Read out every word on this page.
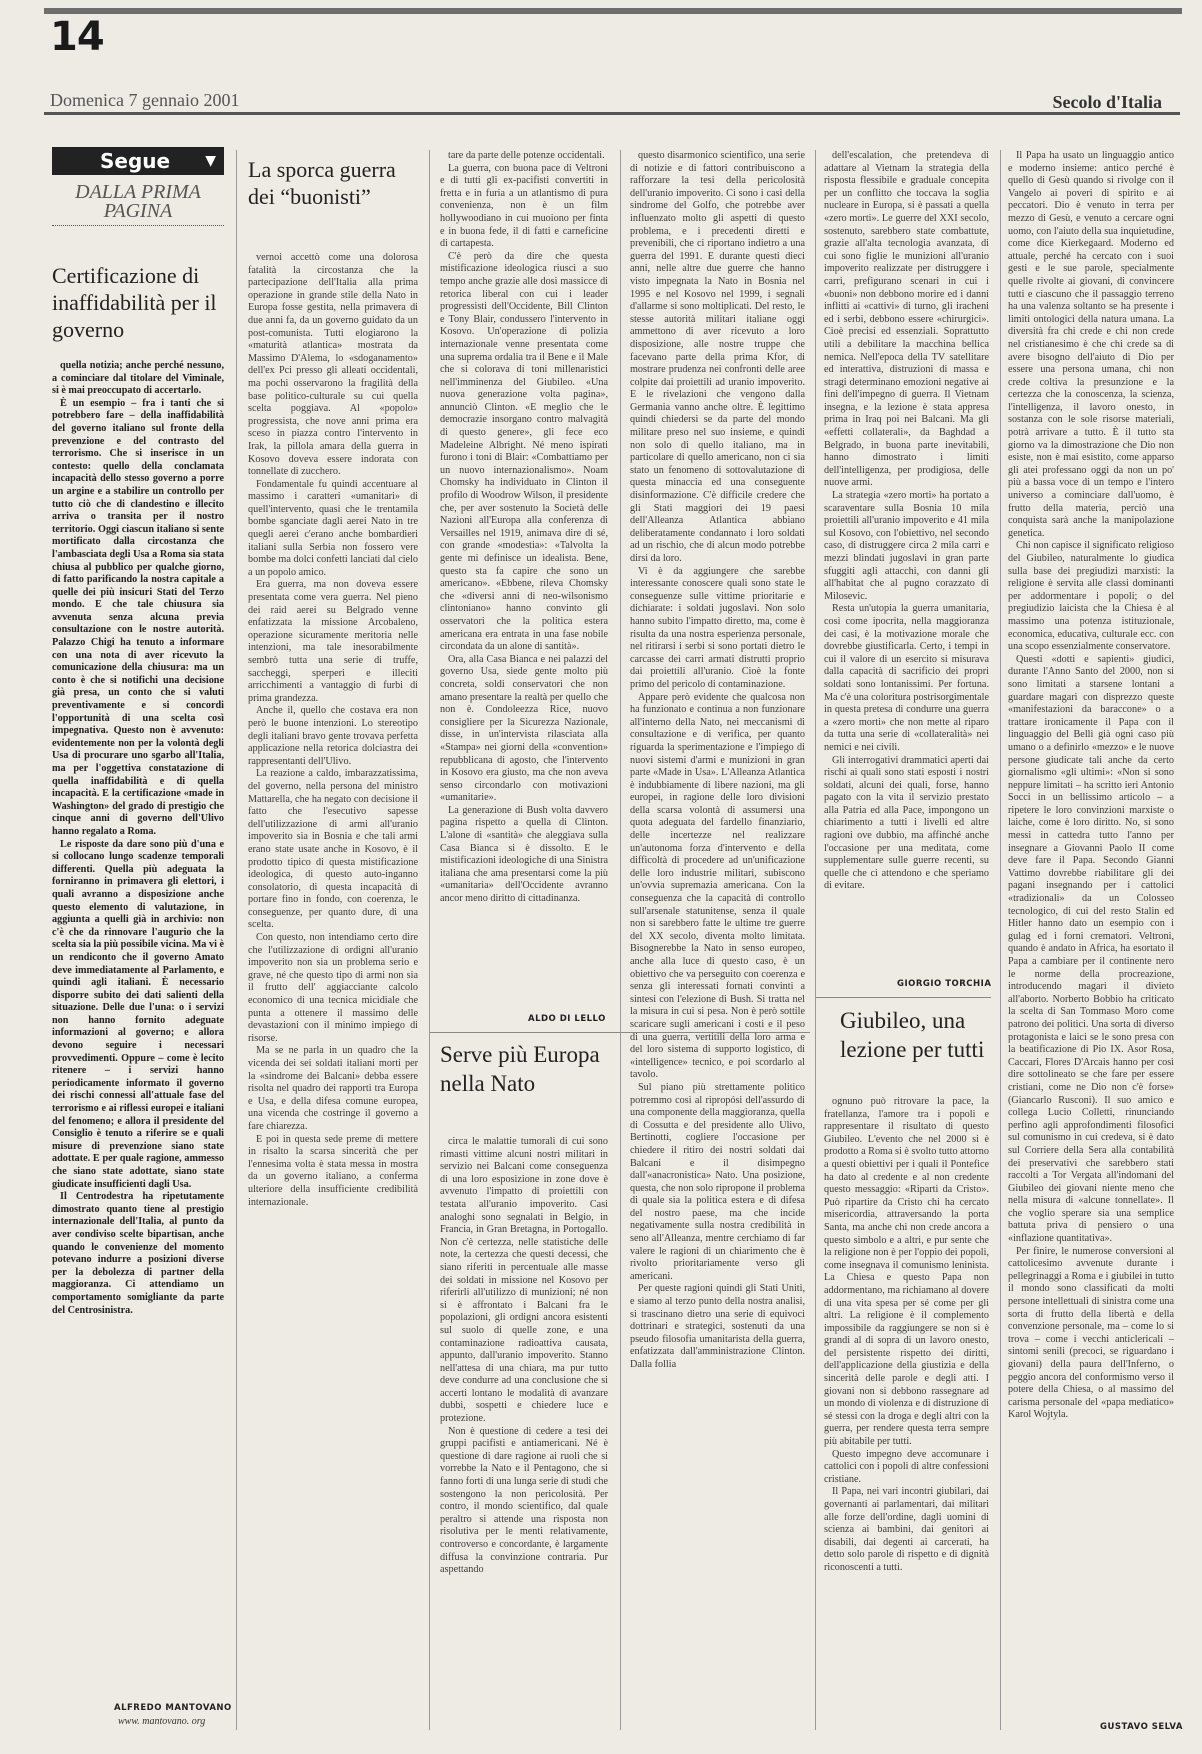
14
Domenica 7 gennaio 2001	Secolo d'Italia
Segue	▼
DALLA PRIMA PAGINA
Certificazione di inaffidabilità per il governo

quella notizia; anche perché nessuno, a cominciare dal titolare del Viminale, si è mai preoccupato di accertarlo.

È un esempio – fra i tanti che si potrebbero fare – della inaffidabilità del governo italiano sul fronte della prevenzione e del contrasto del terrorismo. Che si inserisce in un contesto: quello della conclamata incapacità dello stesso governo a porre un argine e a stabilire un controllo per tutto ciò che di clandestino e illecito arriva o transita per il nostro territorio. Oggi ciascun italiano si sente mortificato dalla circostanza che l'ambasciata degli Usa a Roma sia stata chiusa al pubblico per qualche giorno, di fatto parificando la nostra capitale a quelle dei più insicuri Stati del Terzo mondo. E che tale chiusura sia avvenuta senza alcuna previa consultazione con le nostre autorità. Palazzo Chigi ha tenuto a informare con una nota di aver ricevuto la comunicazione della chiusura: ma un conto è che si notifichi una decisione già presa, un conto che si valuti preventivamente e si concordi l'opportunità di una scelta così impegnativa. Questo non è avvenuto: evidentemente non per la volontà degli Usa di procurare uno sgarbo all'Italia, ma per l'oggettiva constatazione di quella inaffidabilità e di quella incapacità. E la certificazione «made in Washington» del grado di prestigio che cinque anni di governo dell'Ulivo hanno regalato a Roma.

Le risposte da dare sono più d'una e si collocano lungo scadenze temporali differenti. Quella più adeguata la forniranno in primavera gli elettori, i quali avranno a disposizione anche questo elemento di valutazione, in aggiunta a quelli già in archivio: non c'è che da rinnovare l'augurio che la scelta sia la più possibile vicina. Ma vi è un rendiconto che il governo Amato deve immediatamente al Parlamento, e quindi agli italiani. È necessario disporre subito dei dati salienti della situazione. Delle due l'una: o i servizi non hanno fornito adeguate informazioni al governo; e allora devono seguire i necessari provvedimenti. Oppure – come è lecito ritenere – i servizi hanno periodicamente informato il governo dei rischi connessi all'attuale fase del terrorismo e ai riflessi europei e italiani del fenomeno; e allora il presidente del Consiglio è tenuto a riferire se e quali misure di prevenzione siano state adottate. E per quale ragione, ammesso che siano state adottate, siano state giudicate insufficienti dagli Usa.

Il Centrodestra ha ripetutamente dimostrato quanto tiene al prestigio internazionale dell'Italia, al punto da aver condiviso scelte bipartisan, anche quando le convenienze del momento potevano indurre a posizioni diverse per la debolezza di partner della maggioranza. Ci attendiamo un comportamento somigliante da parte del Centrosinistra.

ALFREDO MANTOVANO
www. mantovano. org
La sporca guerra dei “buonisti”

vernoi accettò come una dolorosa fatalità la circostanza che la partecipazione dell'Italia alla prima operazione in grande stile della Nato in Europa fosse gestita, nella primavera di due anni fa, da un governo guidato da un post-comunista. Tutti elogiarono la «maturità atlantica» mostrata da Massimo D'Alema, lo «sdoganamento» dell'ex Pci presso gli alleati occidentali, ma pochi osservarono la fragilità della base politico-culturale su cui quella scelta poggiava. Al «popolo» progressista, che nove anni prima era sceso in piazza contro l'intervento in Irak, la pillola amara della guerra in Kosovo doveva essere indorata con tonnellate di zucchero.

Fondamentale fu quindi accentuare al massimo i caratteri «umanitari» di quell'intervento, quasi che le trentamila bombe sganciate dagli aerei Nato in tre quegli aerei c'erano anche bombardieri italiani sulla Serbia non fossero vere bombe ma dolci confetti lanciati dal cielo a un popolo amico.

Era guerra, ma non doveva essere presentata come vera guerra. Nel pieno dei raid aerei su Belgrado venne enfatizzata la missione Arcobaleno, operazione sicuramente meritoria nelle intenzioni, ma tale inesorabilmente sembrò tutta una serie di truffe, saccheggi, sperperi e illeciti arricchimenti a vantaggio di furbi di prima grandezza.

Anche il, quello che costava era non però le buone intenzioni. Lo stereotipo degli italiani bravo gente trovava perfetta applicazione nella retorica dolciastra dei rappresentanti dell'Ulivo.

La reazione a caldo, imbarazzatissima, del governo, nella persona del ministro Mattarella, che ha negato con decisione il fatto che l'esecutivo sapesse dell'utilizzazione di armi all'uranio impoverito sia in Bosnia e che tali armi erano state usate anche in Kosovo, è il prodotto tipico di questa mistificazione ideologica, di questo auto-inganno consolatorio, di questa incapacità di portare fino in fondo, con coerenza, le conseguenze, per quanto dure, di una scelta.

Con questo, non intendiamo certo dire che l'utilizzazione di ordigni all'uranio impoverito non sia un problema serio e grave, né che questo tipo di armi non sia il frutto dell' aggiacciante calcolo economico di una tecnica micidiale che punta a ottenere il massimo delle devastazioni con il minimo impiego di risorse.

Ma se ne parla in un quadro che la vicenda dei sei soldati italiani morti per la «sindrome dei Balcani» debba essere risolta nel quadro dei rapporti tra Europa e Usa, e della difesa comune europea, una vicenda che costringe il governo a fare chiarezza.

E poi in questa sede preme di mettere in risalto la scarsa sincerità che per l'ennesima volta è stata messa in mostra da un governo italiano, a conferma ulteriore della insufficiente credibilità internazionale.

tare da parte delle potenze occidentali.

La guerra, con buona pace di Veltroni e di tutti gli ex-pacifisti convertiti in fretta e in furia a un atlantismo di pura convenienza, non è un film hollywoodiano in cui muoiono per finta e in buona fede, il di fatti e carneficine di cartapesta.

C'è però da dire che questa mistificazione ideologica riuscì a suo tempo anche grazie alle dosi massicce di retorica liberal con cui i leader progressisti dell'Occidente, Bill Clinton e Tony Blair, condussero l'intervento in Kosovo. Un'operazione di polizia internazionale venne presentata come una suprema ordalia tra il Bene e il Male che si colorava di toni millenaristici nell'imminenza del Giubileo. «Una nuova generazione volta pagina», annunciò Clinton. «E meglio che le democrazie insorgano contro malvagità di questo genere», gli fece eco Madeleine Albright. Né meno ispirati furono i toni di Blair: «Combattiamo per un nuovo internazionalismo». Noam Chomsky ha individuato in Clinton il profilo di Woodrow Wilson, il presidente che, per aver sostenuto la Società delle Nazioni all'Europa alla conferenza di Versailles nel 1919, animava dire di sé, con grande «modestia»: «Talvolta la gente mi definisce un idealista. Bene, questo sta fa capire che sono un americano». «Ebbene, rileva Chomsky che «diversi anni di neo-wilsonismo clintoniano» hanno convinto gli osservatori che la politica estera americana era entrata in una fase nobile circondata da un alone di santità».

Ora, alla Casa Bianca e nei palazzi del governo Usa, siede gente molto più concreta, soldi conservatori che non amano presentare la realtà per quello che non è. Condoleezza Rice, nuovo consigliere per la Sicurezza Nazionale, disse, in un'intervista rilasciata alla «Stampa» nei giorni della «convention» repubblicana di agosto, che l'intervento in Kosovo era giusto, ma che non aveva senso circondarlo con motivazioni «umanitarie».

La generazione di Bush volta davvero pagina rispetto a quella di Clinton. L'alone di «santità» che aleggiava sulla Casa Bianca si è dissolto. E le mistificazioni ideologiche di una Sinistra italiana che ama presentarsi come la più «umanitaria» dell'Occidente avranno ancor meno diritto di cittadinanza.

ALDO DI LELLO
Serve più Europa nella Nato

circa le malattie tumorali di cui sono rimasti vittime alcuni nostri militari in servizio nei Balcani come conseguenza di una loro esposizione in zone dove è avvenuto l'impatto di proiettili con testata all'uranio impoverito. Casi analoghi sono segnalati in Belgio, in Francia, in Gran Bretagna, in Portogallo. Non c'è certezza, nelle statistiche delle note, la certezza che questi decessi, che siano riferiti in percentuale alle masse dei soldati in missione nel Kosovo per riferirli all'utilizzo di munizioni; né non si è affrontato i Balcani fra le popolazioni, gli ordigni ancora esistenti sul suolo di quelle zone, e una contaminazione radioattiva causata, appunto, dall'uranio impoverito. Stanno nell'attesa di una chiara, ma pur tutto deve condurre ad una conclusione che si accerti lontano le modalità di avanzare dubbi, sospetti e chiedere luce e protezione.

Non è questione di cedere a tesi dei gruppi pacifisti e antiamericani. Né è questione di dare ragione ai ruoli che si vorrebbe la Nato e il Pentagono, che si fanno forti di una lunga serie di studi che sostengono la non pericolosità. Per contro, il mondo scientifico, dal quale peraltro si attende una risposta non risolutiva per le menti relativamente, controverso e concordante, è largamente diffusa la convinzione contraria. Pur aspettando

questo disarmonico scientifico, una serie di notizie e di fattori contribuiscono a rafforzare la tesi della pericolosità dell'uranio impoverito. Ci sono i casi della sindrome del Golfo, che potrebbe aver influenzato molto gli aspetti di questo problema, e i precedenti diretti e prevenibili, che ci riportano indietro a una guerra del 1991. E durante questi dieci anni, nelle altre due guerre che hanno visto impegnata la Nato in Bosnia nel 1995 e nel Kosovo nel 1999, i segnali d'allarme si sono moltiplicati. Del resto, le stesse autorità militari italiane oggi ammettono di aver ricevuto a loro disposizione, alle nostre truppe che facevano parte della prima Kfor, di mostrare prudenza nei confronti delle aree colpite dai proiettili ad uranio impoverito. E le rivelazioni che vengono dalla Germania vanno anche oltre. È legittimo quindi chiedersi se da parte del mondo militare preso nel suo insieme, e quindi non solo di quello italiano, ma in particolare di quello americano, non ci sia stato un fenomeno di sottovalutazione di questa minaccia ed una conseguente disinformazione. C'è difficile credere che gli Stati maggiori dei 19 paesi dell'Alleanza Atlantica abbiano deliberatamente condannato i loro soldati ad un rischio, che di alcun modo potrebbe dirsi da loro.

Vi è da aggiungere che sarebbe interessante conoscere quali sono state le conseguenze sulle vittime prioritarie e dichiarate: i soldati jugoslavi. Non solo hanno subito l'impatto diretto, ma, come è risulta da una nostra esperienza personale, nel ritirarsi i serbi si sono portati dietro le carcasse dei carri armati distrutti proprio dai proiettili all'uranio. Cioè la fonte primo del pericolo di contaminazione.

Appare però evidente che qualcosa non ha funzionato e continua a non funzionare all'interno della Nato, nei meccanismi di consultazione e di verifica, per quanto riguarda la sperimentazione e l'impiego di nuovi sistemi d'armi e munizioni in gran parte «Made in Usa». L'Alleanza Atlantica è indubbiamente di libere nazioni, ma gli europei, in ragione delle loro divisioni della scarsa volontà di assumersi una quota adeguata del fardello finanziario, delle incertezze nel realizzare un'autonoma forza d'intervento e della difficoltà di procedere ad un'unificazione delle loro industrie militari, subiscono un'ovvia supremazia americana. Con la conseguenza che la capacità di controllo sull'arsenale statunitense, senza il quale non si sarebbero fatte le ultime tre guerre del XX secolo, diventa molto limitata. Bisognerebbe la Nato in senso europeo, anche alla luce di questo caso, è un obiettivo che va perseguito con coerenza e senza gli interessati fornati convinti a sintesi con l'elezione di Bush. Si tratta nel la misura in cui si pesa. Non è però sottile scaricare sugli americani i costi e il peso di una guerra, vertitili della loro arma e del loro sistema di supporto logistico, di «intelligence» tecnico, e poi scordarlo al tavolo.

Sul piano più strettamente politico potremmo così al ripropósi dell'assurdo di una componente della maggioranza, quella di Cossutta e del presidente allo Ulivo, Bertinotti, cogliere l'occasione per chiedere il ritiro dei nostri soldati dai Balcani e il disimpegno dall'«anacronistica» Nato. Una posizione, questa, che non solo ripropone il problema di quale sia la politica estera e di difesa del nostro paese, ma che incide negativamente sulla nostra credibilità in seno all'Alleanza, mentre cerchiamo di far valere le ragioni di un chiarimento che è rivolto prioritariamente verso gli americani.

Per queste ragioni quindi gli Stati Uniti, e siamo al terzo punto della nostra analisi, si trascinano dietro una serie di equivoci dottrinari e strategici, sostenuti da una pseudo filosofia umanitarista della guerra, enfatizzata dall'amministrazione Clinton. Dalla follia

dell'escalation, che pretendeva di adattare al Vietnam la strategia della risposta flessibile e graduale concepita per un conflitto che toccava la soglia nucleare in Europa, si è passati a quella «zero morti». Le guerre del XXI secolo, sostenuto, sarebbero state combattute, grazie all'alta tecnologia avanzata, di cui sono figlie le munizioni all'uranio impoverito realizzate per distruggere i carri, prefigurano scenari in cui i «buoni» non debbono morire ed i danni inflitti ai «cattivi» di turno, gli iracheni ed i serbi, debbono essere «chirurgici». Cioè precisi ed essenziali. Soprattutto utili a debilitare la macchina bellica nemica. Nell'epoca della TV satellitare ed interattiva, distruzioni di massa e stragi determinano emozioni negative ai fini dell'impegno di guerra. Il Vietnam insegna, e la lezione è stata appresa prima in Iraq poi nei Balcani. Ma gli «effetti collaterali», da Baghdad a Belgrado, in buona parte inevitabili, hanno dimostrato i limiti dell'intelligenza, per prodigiosa, delle nuove armi.

La strategia «zero morti» ha portato a scaraventare sulla Bosnia 10 mila proiettili all'uranio impoverito e 41 mila sul Kosovo, con l'obiettivo, nel secondo caso, di distruggere circa 2 mila carri e mezzi blindati jugoslavi in gran parte sfuggiti agli attacchi, con danni gli all'habitat che al pugno corazzato di Milosevic.

Resta un'utopia la guerra umanitaria, così come ipocrita, nella maggioranza dei casi, è la motivazione morale che dovrebbe giustificarla. Certo, i tempi in cui il valore di un esercito si misurava dalla capacità di sacrificio dei propri soldati sono lontanissimi. Per fortuna. Ma c'è una coloritura postrisorgimentale in questa pretesa di condurre una guerra a «zero morti» che non mette al riparo da tutta una serie di «collateralità» nei nemici e nei civili.

Gli interrogativi drammatici aperti dai rischi ai quali sono stati esposti i nostri soldati, alcuni dei quali, forse, hanno pagato con la vita il servizio prestato alla Patria ed alla Pace, impongono un chiarimento a tutti i livelli ed altre ragioni ove dubbio, ma affinché anche l'occasione per una meditata, come supplementare sulle guerre recenti, su quelle che ci attendono e che speriamo di evitare.

GIORGIO TORCHIA
Giubileo, una lezione per tutti

ognuno può ritrovare la pace, la fratellanza, l'amore tra i popoli e rappresentare il risultato di questo Giubileo. L'evento che nel 2000 si è prodotto a Roma si è svolto tutto attorno a questi obiettivi per i quali il Pontefice ha dato al credente e al non credente questo messaggio: «Riparti da Cristo». Può ripartire da Cristo chi ha cercato misericordia, attraversando la porta Santa, ma anche chi non crede ancora a questo simbolo e a altri, e pur sente che la religione non è per l'oppio dei popoli, come insegnava il comunismo leninista. La Chiesa e questo Papa non addormentano, ma richiamano al dovere di una vita spesa per sé come per gli altri. La religione è il complemento impossibile da raggiungere se non si è grandi al di sopra di un lavoro onesto, del persistente rispetto dei diritti, dell'applicazione della giustizia e della sincerità delle parole e degli atti. I giovani non si debbono rassegnare ad un mondo di violenza e di distruzione di sé stessi con la droga e degli altri con la guerra, per rendere questa terra sempre più abitabile per tutti.

Questo impegno deve accomunare i cattolici con i popoli di altre confessioni cristiane.

Il Papa, nei vari incontri giubilari, dai governanti ai parlamentari, dai militari alle forze dell'ordine, dagli uomini di scienza ai bambini, dai genitori ai disabili, dai degenti ai carcerati, ha detto solo parole di rispetto e di dignità riconoscenti a tutti.

Il Papa ha usato un linguaggio antico e moderno insieme: antico perché è quello di Gesù quando si rivolge con il Vangelo ai poveri di spirito e ai peccatori. Dio è venuto in terra per mezzo di Gesù, e venuto a cercare ogni uomo, con l'aiuto della sua inquietudine, come dice Kierkegaard. Moderno ed attuale, perché ha cercato con i suoi gesti e le sue parole, specialmente quelle rivolte ai giovani, di convincere tutti e ciascuno che il passaggio terreno ha una valenza soltanto se ha presente i limiti ontologici della natura umana. La diversità fra chi crede e chi non crede nel cristianesimo è che chi crede sa di avere bisogno dell'aiuto di Dio per essere una persona umana, chi non crede coltiva la presunzione e la certezza che la conoscenza, la scienza, l'intelligenza, il lavoro onesto, in sostanza con le sole risorse materiali, potrà arrivare a tutto. È il tutto sta giorno va la dimostrazione che Dio non esiste, non è mai esistito, come apparso gli atei professano oggi da non un po' più a bassa voce di un tempo e l'intero universo a cominciare dall'uomo, è frutto della materia, perciò una conquista sarà anche la manipolazione genetica.

Chi non capisce il significato religioso del Giubileo, naturalmente lo giudica sulla base dei pregiudizi marxisti: la religione è servita alle classi dominanti per addormentare i popoli; o del pregiudizio laicista che la Chiesa è al massimo una potenza istituzionale, economica, educativa, culturale ecc. con una scopo essenzialmente conservatore.

Questi «dotti e sapienti» giudici, durante l'Anno Santo del 2000, non si sono limitati a starsene lontani a guardare magari con disprezzo queste «manifestazioni da baraccone» o a trattare ironicamente il Papa con il linguaggio del Belli già ogni caso più umano o a definirlo «mezzo» e le nuove persone giudicate tali anche da certo giornalismo «gli ultimi»: «Non si sono neppure limitati – ha scritto ieri Antonio Socci in un bellissimo articolo – a ripetere le loro convinzioni marxiste o laiche, come è loro diritto. No, si sono messi in cattedra tutto l'anno per insegnare a Giovanni Paolo II come deve fare il Papa. Secondo Gianni Vattimo dovrebbe riabilitare gli dei pagani insegnando per i cattolici «tradizionali» da un Colosseo tecnologico, di cui del resto Stalin ed Hitler hanno dato un esempio con i gulag ed i forni crematori. Veltroni, quando è andato in Africa, ha esortato il Papa a cambiare per il continente nero le norme della procreazione, introducendo magari il divieto all'aborto. Norberto Bobbio ha criticato la scelta di San Tommaso Moro come patrono dei politici. Una sorta di diverso protagonista e laici se le sono presa con la beatificazione di Pio IX. Asor Rosa, Caccari, Flores D'Arcais hanno per così dire sottolineato se che fare per essere cristiani, come ne Dio non c'è forse» (Giancarlo Rusconi). Il suo amico e collega Lucio Colletti, rinunciando perfino agli approfondimenti filosofici sul comunismo in cui credeva, si è dato sul Corriere della Sera alla contabilità dei preservativi che sarebbero stati raccolti a Tor Vergata all'indomani del Giubileo dei giovani niente meno che nella misura di «alcune tonnellate». Il che voglio sperare sia una semplice battuta priva di pensiero o una «inflazione quantitativa».

Per finire, le numerose conversioni al cattolicesimo avvenute durante i pellegrinaggi a Roma e i giubilei in tutto il mondo sono classificati da molti persone intellettuali di sinistra come una sorta di frutto della libertà e della convenzione personale, ma – come lo si trova – come i vecchi anticlericali – sintomi senili (precoci, se riguardano i giovani) della paura dell'Inferno, o peggio ancora del conformismo verso il potere della Chiesa, o al massimo del carisma personale del «papa mediatico» Karol Wojtyla.

GUSTAVO SELVA
